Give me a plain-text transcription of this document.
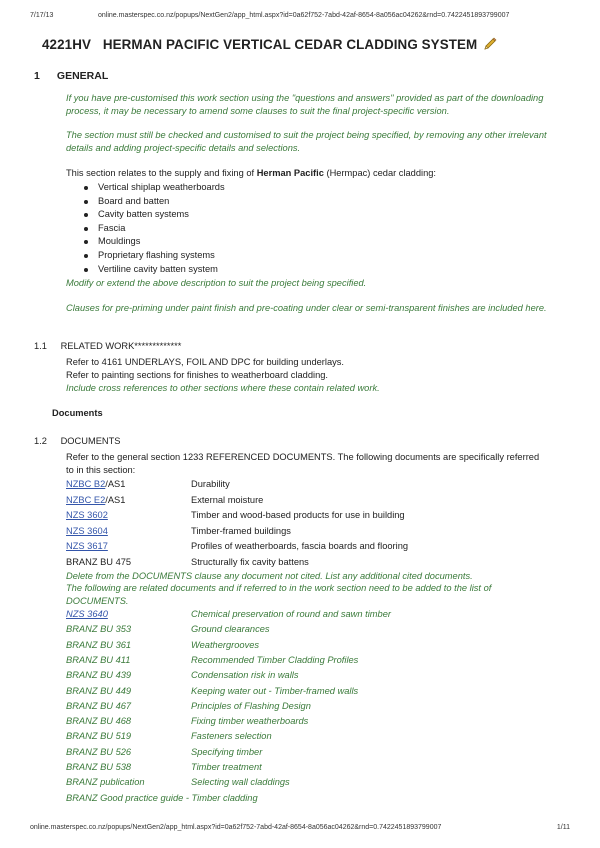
7/17/13	online.masterspec.co.nz/popups/NextGen2/app_html.aspx?id=0a62f752-7abd-42af-8654-8a056ac04262&rnd=0.7422451893799007
4221HV HERMAN PACIFIC VERTICAL CEDAR CLADDING SYSTEM
1 GENERAL
If you have pre-customised this work section using the "questions and answers" provided as part of the downloading process, it may be necessary to amend some clauses to suit the final project-specific version.
The section must still be checked and customised to suit the project being specified, by removing any other irrelevant details and adding project-specific details and selections.
This section relates to the supply and fixing of Herman Pacific (Hermpac) cedar cladding:
Vertical shiplap weatherboards
Board and batten
Cavity batten systems
Fascia
Mouldings
Proprietary flashing systems
Vertiline cavity batten system
Modify or extend the above description to suit the project being specified.
Clauses for pre-priming under paint finish and pre-coating under clear or semi-transparent finishes are included here.
1.1 RELATED WORK*************
Refer to 4161 UNDERLAYS, FOIL AND DPC for building underlays.
Refer to painting sections for finishes to weatherboard cladding.
Include cross references to other sections where these contain related work.
Documents
1.2 DOCUMENTS
Refer to the general section 1233 REFERENCED DOCUMENTS. The following documents are specifically referred to in this section:
NZBC B2/AS1	Durability
NZBC E2/AS1	External moisture
NZS 3602	Timber and wood-based products for use in building
NZS 3604	Timber-framed buildings
NZS 3617	Profiles of weatherboards, fascia boards and flooring
BRANZ BU 475	Structurally fix cavity battens
Delete from the DOCUMENTS clause any document not cited. List any additional cited documents.
The following are related documents and if referred to in the work section need to be added to the list of DOCUMENTS.
NZS 3640	Chemical preservation of round and sawn timber
BRANZ BU 353	Ground clearances
BRANZ BU 361	Weathergrooves
BRANZ BU 411	Recommended Timber Cladding Profiles
BRANZ BU 439	Condensation risk in walls
BRANZ BU 449	Keeping water out - Timber-framed walls
BRANZ BU 467	Principles of Flashing Design
BRANZ BU 468	Fixing timber weatherboards
BRANZ BU 519	Fasteners selection
BRANZ BU 526	Specifying timber
BRANZ BU 538	Timber treatment
BRANZ publication	Selecting wall claddings
BRANZ Good practice guide - Timber cladding
online.masterspec.co.nz/popups/NextGen2/app_html.aspx?id=0a62f752-7abd-42af-8654-8a056ac04262&rnd=0.7422451893799007	1/11
